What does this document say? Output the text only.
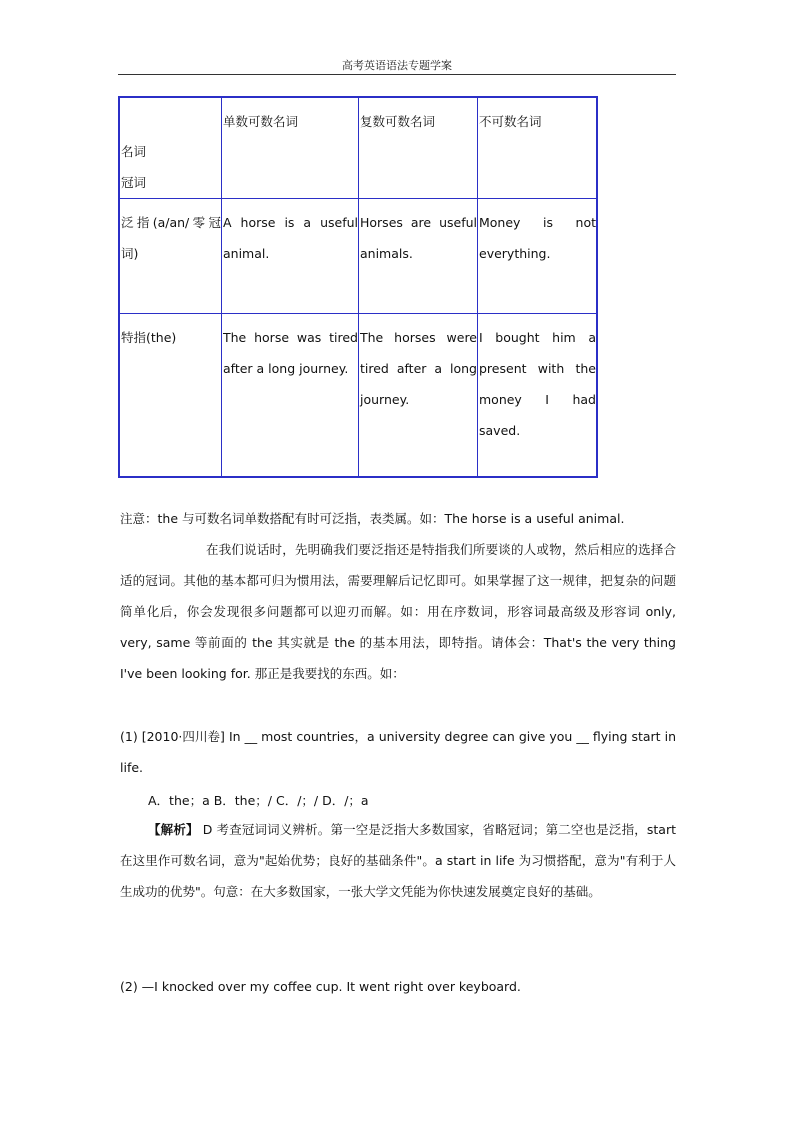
高考英语语法专题学案
名词
冠词	单数可数名词	复数可数名词	不可数名词
泛指(a/an/零冠词)	A horse is a useful animal.	Horses are useful animals.	Money is not everything.
特指(the)	The horse was tired after a long journey.	The horses were tired after a long journey.	I bought him a present with the money I had saved.
注意：the 与可数名词单数搭配有时可泛指，表类属。如：The horse is a useful animal.
在我们说话时，先明确我们要泛指还是特指我们所要谈的人或物，然后相应的选择合适的冠词。其他的基本都可归为惯用法，需要理解后记忆即可。如果掌握了这一规律，把复杂的问题简单化后，你会发现很多问题都可以迎刃而解。如：用在序数词，形容词最高级及形容词 only, very, same 等前面的 the 其实就是 the 的基本用法，即特指。请体会：That's the very thing I've been looking for. 那正是我要找的东西。如：
(1) [2010·四川卷] In __ most countries，a university degree can give you __ flying start in life.
A．the；a B．the；/ C．/；/ D．/；a
【解析】 D 考查冠词词义辨析。第一空是泛指大多数国家，省略冠词；第二空也是泛指，start 在这里作可数名词，意为"起始优势；良好的基础条件"。a start in life 为习惯搭配，意为"有利于人生成功的优势"。句意：在大多数国家，一张大学文凭能为你快速发展奠定良好的基础。
(2) —I knocked over my coffee cup. It went right over keyboard.
